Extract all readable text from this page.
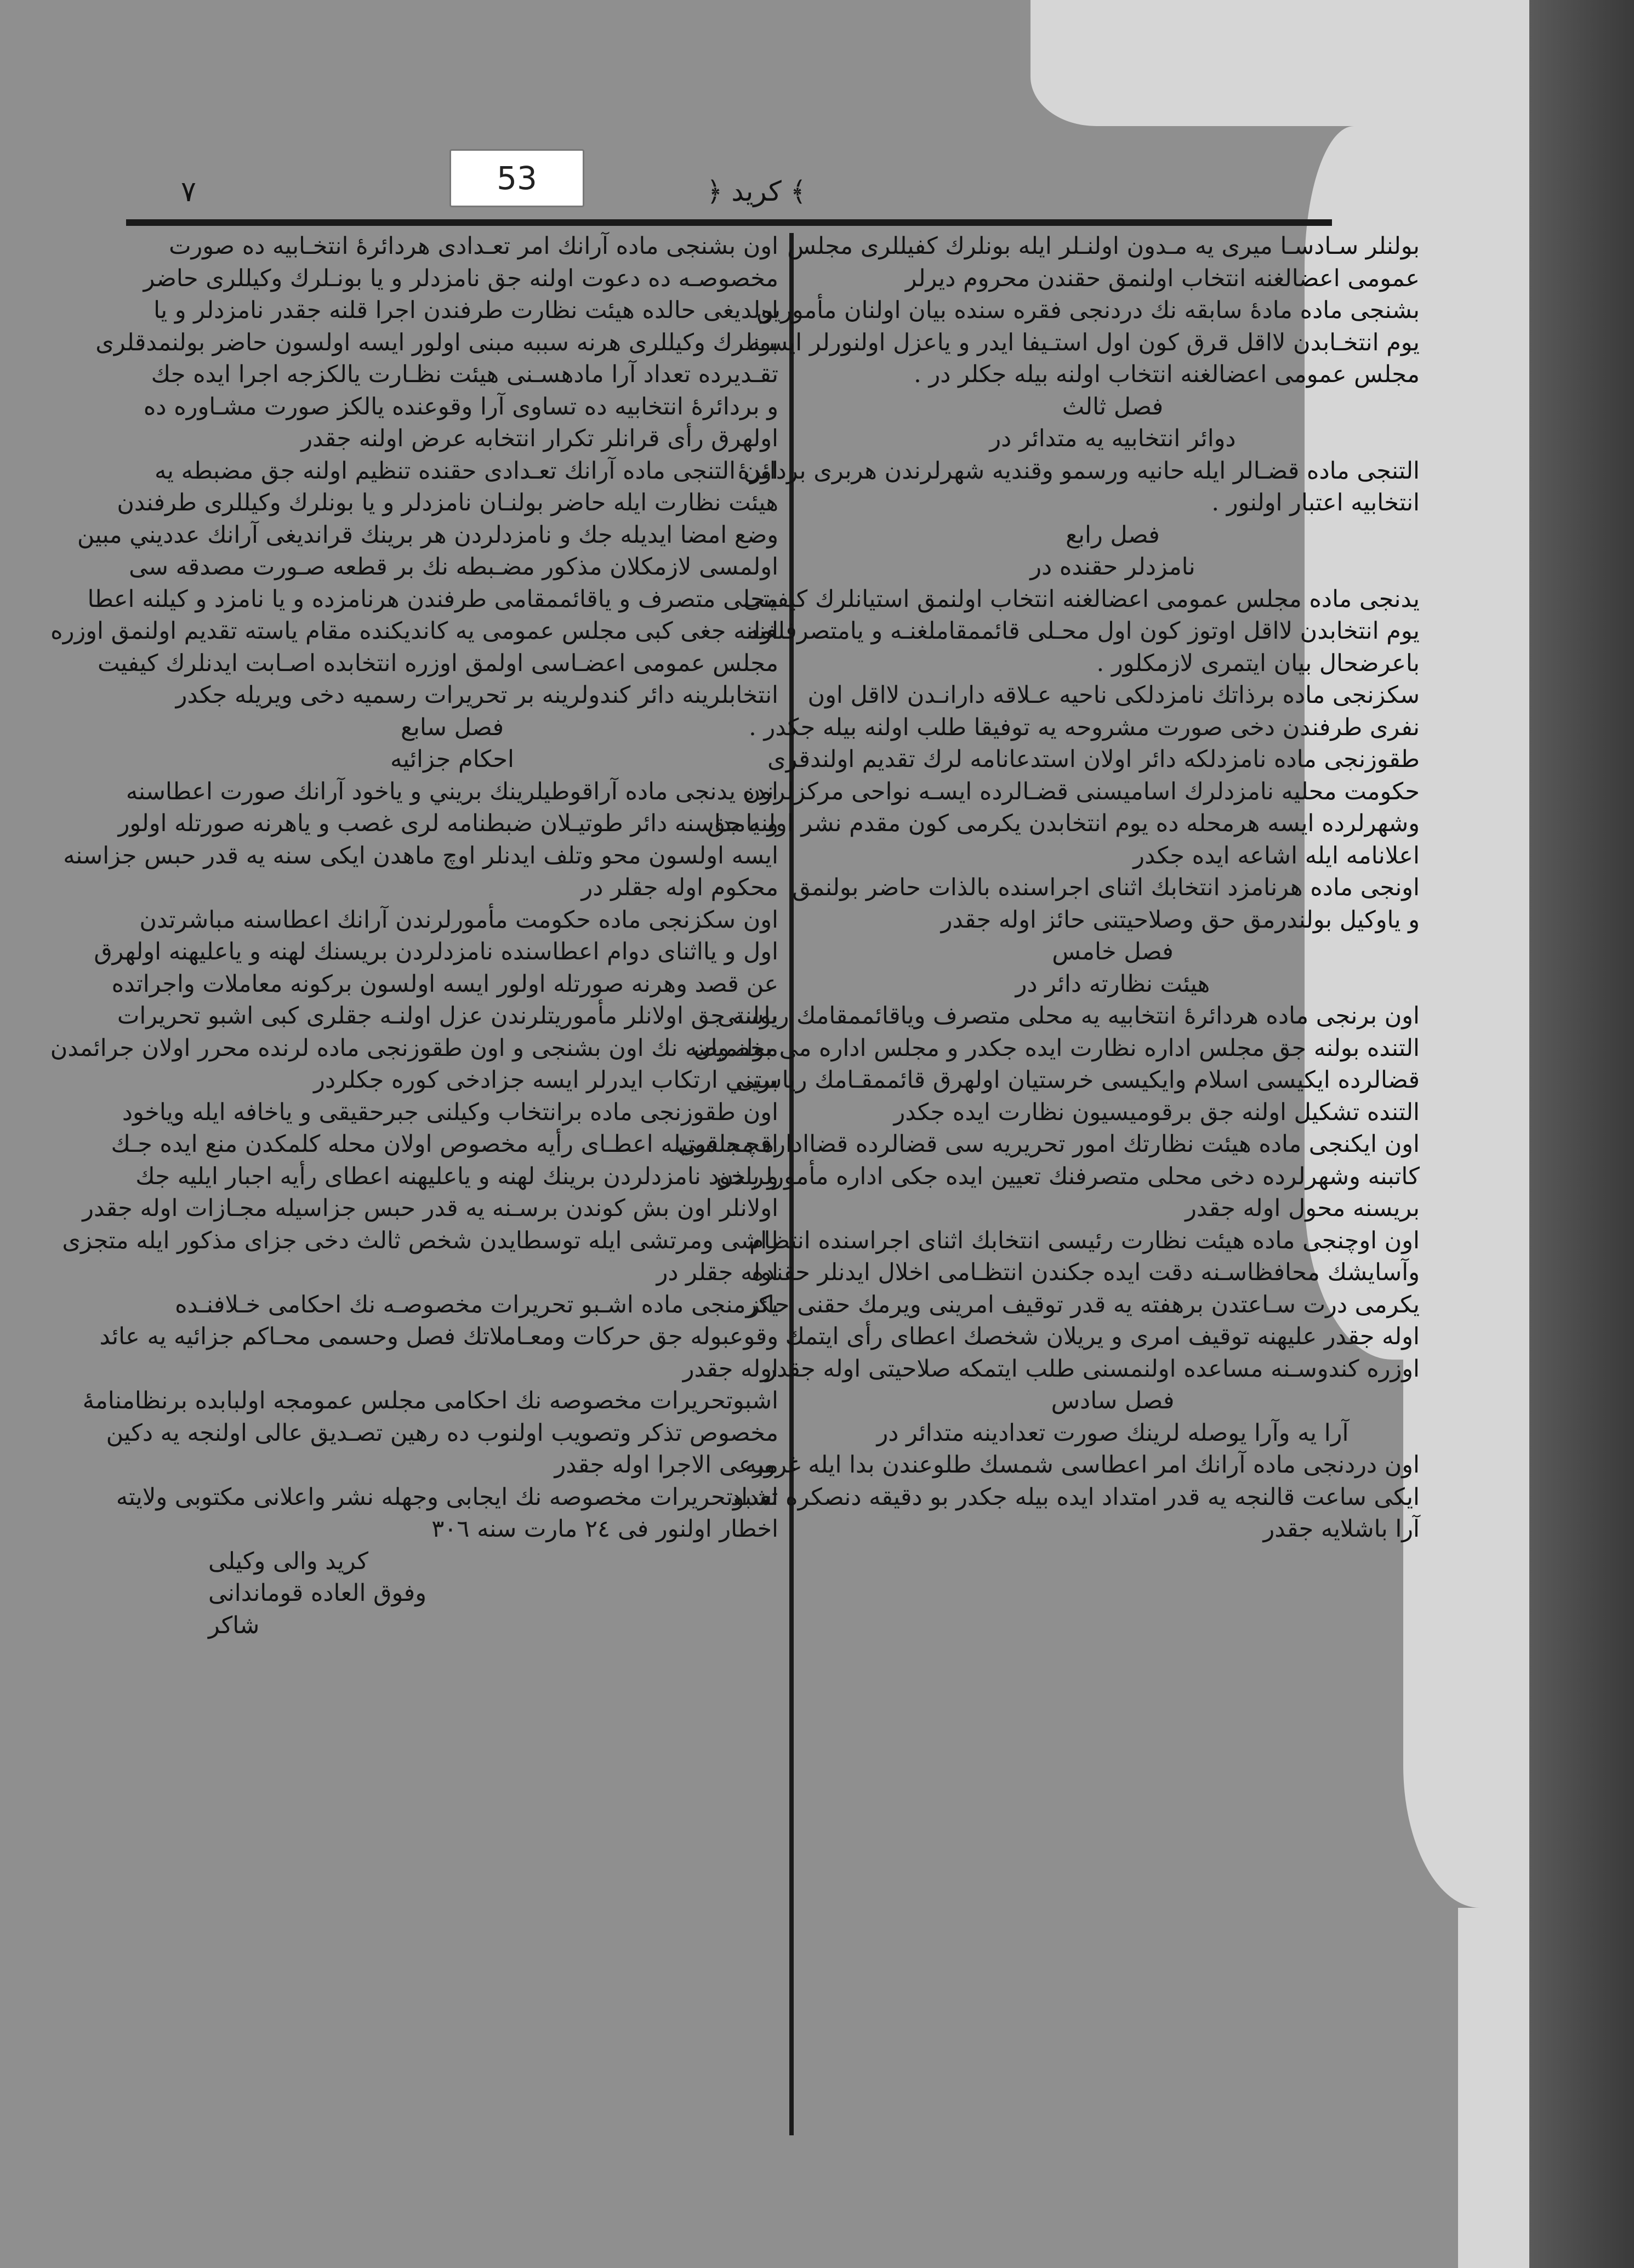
53
٧	﴿ كريد ﴾
بولنلر سـادسـا ميرى يه مـدون اولنـلر ايله بونلرك كفيللرى مجلس
عمومى اعضالغنه انتخاب اولنمق حقندن محروم ديرلر
بشنجى ماده مادهٔ سابقه نك دردنجى فقره سنده بيان اولنان مأمورين
يوم انتخـابدن لااقل قرق كون اول استـيفا ايدر و ياعزل اولنورلر ايسـه
مجلس عمومى اعضالغنه انتخاب اولنه بيله جكلر در .
فصل ثالث
دوائر انتخابيه يه متدائر در
التنجى ماده قضـالر ايله حانيه ورسمو وقنديه شهرلرندن هربرى بردائرهٔ
انتخابيه اعتبار اولنور .
فصل رابع
نامزدلر حقنده در
يدنجى ماده مجلس عمومى اعضالغنه انتخاب اولنمق استيانلرك كيفيتى
يوم انتخابدن لااقل اوتوز كون اول محـلى قائممقاملغنـه و يامتصرفلغنه
باعرضحال بيان ايتمرى لازمكلور .
سكزنجى ماده برذاتك نامزدلكى ناحيه عـلاقه دارانـدن لااقل اون
نفرى طرفندن دخى صورت مشروحه يه توفيقا طلب اولنه بيله جكدر .
طقوزنجى ماده نامزدلكه دائر اولان استدعانامه لرك تقديم اولندقرى
حكومت محليه نامزدلرك اساميسنى قضـالرده ايسـه نواحى مركزلرنده
وشهرلرده ايسه هرمحله ده يوم انتخابدن يكرمى كون مقدم نشر اولنه جق
اعلانامه ايله اشاعه ايده جكدر
اونجى ماده هرنامزد انتخابك اثناى اجراسنده بالذات حاضر بولنمق
و ياوكيل بولندرمق حق وصلاحيتنى حائز اوله جقدر
فصل خامس
هيئت نظارته دائر در
اون برنجى ماده هردائرهٔ انتخابيه يه محلى متصرف وياقائممقامك رياستى
التنده بولنه جق مجلس اداره نظارت ايده جكدر و مجلس اداره مى بولنميان
قضالرده ايكيسى اسلام وايكيسى خرستيان اولهرق قائممقـامك رياستى
التنده تشكيل اولنه جق برقوميسيون نظارت ايده جكدر
اون ايكنجى ماده هيئت نظارتك امور تحريريه سى قضالرده قضااداره مجلسى
كاتبنه وشهرلرده دخى محلى متصرفنك تعيين ايده جكى اداره مأمورلرندن
بريسنه محول اوله جقدر
اون اوچنجى ماده هيئت نظارت رئيسى انتخابك اثناى اجراسنده انتظام
وآسايشك محافظاسـنه دقت ايده جكندن انتظـامى اخلال ايدنلر حقنده
يكرمى درت سـاعتدن برهفته يه قدر توقيف امرينى ويرمك حقنى حائز
اوله جقدر عليهنه توقيف امرى و يريلان شخصك اعطاى رأى ايتمك
اوزره كندوسـنه مساعده اولنمسنى طلب ايتمكه صلاحيتى اوله جقدر
فصل سادس
آرا يه وآرا يوصله لرينك صورت تعدادينه متدائر در
اون دردنجى ماده آرانك امر اعطاسى شمسك طلوعندن بدا ايله غروبه
ايكى ساعت قالنجه يه قدر امتداد ايده بيله جكدر بو دقيقه دنصكره تعداد
آرا باشلايه جقدر
اون بشنجى ماده آرانك امر تعـدادى هردائرهٔ انتخـابيه ده صورت
مخصوصـه ده دعوت اولنه جق نامزدلر و يا بونـلرك وكيللرى حاضر
اولديغى حالده هيئت نظارت طرفندن اجرا قلنه جقدر نامزدلر و يا
بونلرك وكيللرى هرنه سببه مبنى اولور ايسه اولسون حاضر بولنمدقلرى
تقـديرده تعداد آرا مادهسـنى هيئت نظـارت يالكزجه اجرا ايده جك
و بردائرهٔ انتخابيه ده تساوى آرا وقوعنده يالكز صورت مشـاوره ده
اولهرق رأى قرانلر تكرار انتخابه عرض اولنه جقدر
اون التنجى ماده آرانك تعـدادى حقنده تنظيم اولنه جق مضبطه يه
هيئت نظارت ايله حاضر بولنـان نامزدلر و يا بونلرك وكيللرى طرفندن
وضع امضا ايديله جك و نامزدلردن هر برينك قرانديغى آرانك عدديني مبين
اولمسى لازمكلان مذكور مضـبطه نك بر قطعه صـورت مصدقه سى
محلى متصرف و ياقائممقامى طرفندن هرنامزده و يا نامزد و كيلنه اعطا
اولنه جغى كبى مجلس عمومى يه كانديكنده مقام ياسته تقديم اولنمق اوزره
مجلس عمومى اعضـاسى اولمق اوزره انتخابده اصـابت ايدنلرك كيفيت
انتخابلرينه دائر كندولرينه بر تحريرات رسميه دخى ويريله جكدر
فصل سابع
احكام جزائيه
اون يدنجى ماده آراقوطيلرينك بريني و ياخود آرانك صورت اعطاسنه
و يامداسنه دائر طوتيـلان ضبطنامه لرى غصب و ياهرنه صورتله اولور
ايسه اولسون محو وتلف ايدنلر اوچ ماهدن ايكى سنه يه قدر حبس جزاسنه
محكوم اوله جقلر در
اون سكزنجى ماده حكومت مأمورلرندن آرانك اعطاسنه مباشرتدن
اول و يااثناى دوام اعطاسنده نامزدلردن بريسنك لهنه و ياعليهنه اولهرق
عن قصد وهرنه صورتله اولور ايسه اولسون بركونه معاملات واجراتده
بولنه جق اولانلر مأموريتلرندن عزل اولنـه جقلرى كبى اشبو تحريرات
مخصوصه نك اون بشنجى و اون طقوزنجى ماده لرنده محرر اولان جرائمدن
بريني ارتكاب ايدرلر ايسه جزادخى كوره جكلردر
اون طقوزنجى ماده برانتخاب وكيلنى جبرحقيقى و ياخافه ايله وياخود
اقچـه قوتيله اعطـاى رأيه مخصوص اولان محله كلمكدن منع ايده جـك
و ياخود نامزدلردن برينك لهنه و ياعليهنه اعطاى رأيه اجبار ايليه جك
اولانلر اون بش كوندن برسـنه يه قدر حبس جزاسيله مجـازات اوله جقدر
راشى ومرتشى ايله توسطايدن شخص ثالث دخى جزاى مذكور ايله متجزى
اوله جقلر در
يكرمنجى ماده اشـبو تحريرات مخصوصـه نك احكامى خـلافنـده
وقوعبوله جق حركات ومعـاملاتك فصل وحسمى محـاكم جزائيه يه عائد
اوله جقدر
اشبوتحريرات مخصوصه نك احكامى مجلس عمومجه اولبابده برنظامنامهٔ
مخصوص تذكر وتصويب اولنوب ده رهين تصـديق عالى اولنجه يه دكين
مرعى الاجرا اوله جقدر
اشبوتحريرات مخصوصه نك ايجابى وجهله نشر واعلانى مكتوبى ولايته
اخطار اولنور فى ٢٤ مارت سنه ٣٠٦
كريد والى وكيلى
وفوق العاده قوماندانى
شاكر
